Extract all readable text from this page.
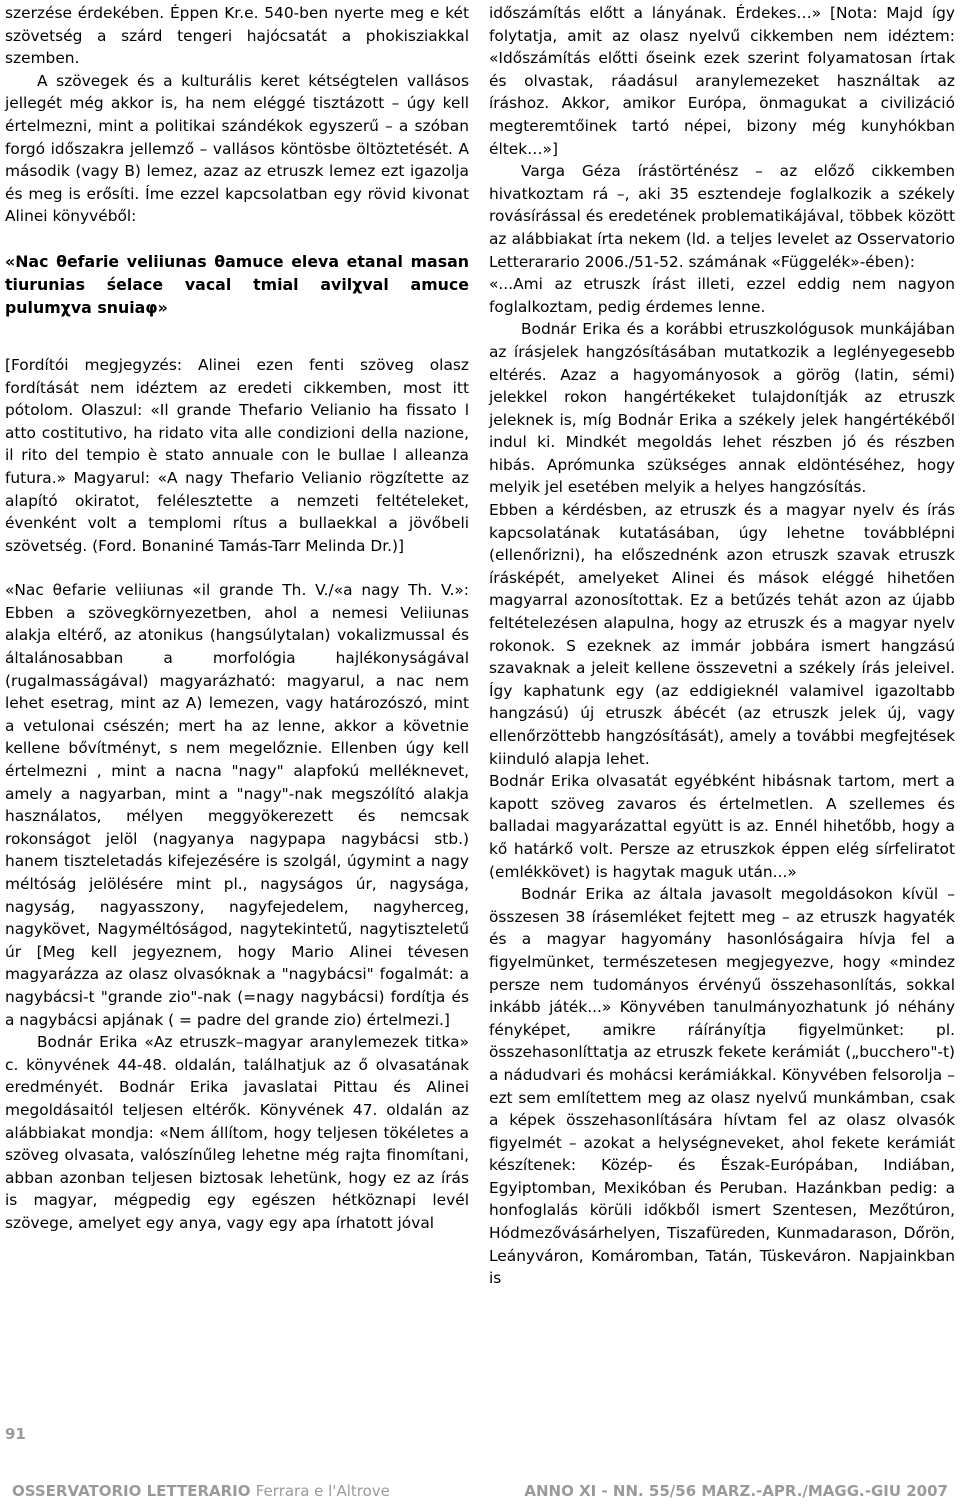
szerzése érdekében. Éppen Kr.e. 540-ben nyerte meg e két szövetség a szárd tengeri hajócsatát a phokisziakkal szemben.

A szövegek és a kulturális keret kétségtelen vallásos jellegét még akkor is, ha nem eléggé tisztázott – úgy kell értelmezni, mint a politikai szándékok egyszerű – a szóban forgó időszakra jellemző – vallásos köntösbe öltöztetését. A második (vagy B) lemez, azaz az etruszk lemez ezt igazolja és meg is erősíti. Íme ezzel kapcsolatban egy rövid kivonat Alinei könyvéből:

«Nac θefarie veliiunas θamuce eleva etanal masan tiurunias śelace vacal tmial avilχval amuce pulumχva snuiaφ»

[Fordítói megjegyzés: Alinei ezen fenti szöveg olasz fordítását nem idéztem az eredeti cikkemben, most itt pótolom. Olaszul: «Il grande Thefario Velianio ha fissato l atto costitutivo, ha ridato vita alle condizioni della nazione, il rito del tempio è stato annuale con le bullae l alleanza futura.» Magyarul: «A nagy Thefario Velianio rögzítette az alapító okiratot, felélesztette a nemzeti feltételeket, évenként volt a templomi rítus a bullaekkal a jövőbeli szövetség. (Ford. Bonaniné Tamás-Tarr Melinda Dr.)]

«Nac θefarie veliiunas «il grande Th. V./«a nagy Th. V.»: Ebben a szövegkörnyezetben, ahol a nemesi Veliiunas alakja eltérő, az atonikus (hangsúlytalan) vokalizmussal és általánosabban a morfológia hajlékonyságával (rugalmasságával) magyarázható: magyarul, a nac nem lehet esetrag, mint az A) lemezen, vagy határozószó, mint a vetulonai csészén; mert ha az lenne, akkor a követnie kellene bővítményt, s nem megelőznie. Ellenben úgy kell értelmezni , mint a nacna "nagy" alapfokú melléknevet, amely a nagyarban, mint a "nagy"-nak megszólító alakja használatos, mélyen meggyökerezett és nemcsak rokonságot jelöl (nagyanya nagypapa nagybácsi stb.) hanem tiszteletadás kifejezésére is szolgál, úgymint a nagy méltóság jelölésére mint pl., nagyságos úr, nagysága, nagyság, nagyasszony, nagyfejedelem, nagyherceg, nagykövet, Nagyméltóságod, nagytekintetű, nagytiszteletű úr [Meg kell jegyeznem, hogy Mario Alinei tévesen magyarázza az olasz olvasóknak a "nagybácsi" fogalmát: a nagybácsi-t "grande zio"-nak (=nagy nagybácsi) fordítja és a nagybácsi apjának ( = padre del grande zio) értelmezi.]

Bodnár Erika «Az etruszk–magyar aranylemezek titka» c. könyvének 44-48. oldalán, találhatjuk az ő olvasatának eredményét. Bodnár Erika javaslatai Pittau és Alinei megoldásaitól teljesen eltérők. Könyvének 47. oldalán az alábbiakat mondja: «Nem állítom, hogy teljesen tökéletes a szöveg olvasata, valószínűleg lehetne még rajta finomítani, abban azonban teljesen biztosak lehetünk, hogy ez az írás is magyar, mégpedig egy egészen hétköznapi levél szövege, amelyet egy anya, vagy egy apa írhatott jóval

időszámítás előtt a lányának. Érdekes…» [Nota: Majd így folytatja, amit az olasz nyelvű cikkemben nem idéztem: «Időszámítás előtti őseink ezek szerint folyamatosan írtak és olvastak, ráadásul aranylemezeket használtak az íráshoz. Akkor, amikor Európa, önmagukat a civilizáció megteremtőinek tartó népei, bizony még kunyhókban éltek…»]

Varga Géza írástörténész – az előző cikkemben hivatkoztam rá –, aki 35 esztendeje foglalkozik a székely rovásírással és eredetének problematikájával, többek között az alábbiakat írta nekem (ld. a teljes levelet az Osservatorio Letterarario 2006./51-52. számának «Függelék»-ében):

«...Ami az etruszk írást illeti, ezzel eddig nem nagyon foglalkoztam, pedig érdemes lenne.

Bodnár Erika és a korábbi etruszkológusok munkájában az írásjelek hangzósításában mutatkozik a leglényegesebb eltérés. Azaz a hagyományosok a görög (latin, sémi) jelekkel rokon hangértékeket tulajdonítják az etruszk jeleknek is, míg Bodnár Erika a székely jelek hangértékéből indul ki. Mindkét megoldás lehet részben jó és részben hibás. Aprómunka szükséges annak eldöntéséhez, hogy melyik jel esetében melyik a helyes hangzósítás.

Ebben a kérdésben, az etruszk és a magyar nyelv és írás kapcsolatának kutatásában, úgy lehetne továbblépni (ellenőrizni), ha előszednénk azon etruszk szavak etruszk írásképét, amelyeket Alinei és mások eléggé hihetően magyarral azonosítottak. Ez a betűzés tehát azon az újabb feltételezésen alapulna, hogy az etruszk és a magyar nyelv rokonok. S ezeknek az immár jobbára ismert hangzású szavaknak a jeleit kellene összevetni a székely írás jeleivel. Így kaphatunk egy (az eddigieknél valamivel igazoltabb hangzású) új etruszk ábécét (az etruszk jelek új, vagy ellenőrzöttebb hangzósítását), amely a további megfejtések kiinduló alapja lehet.

Bodnár Erika olvasatát egyébként hibásnak tartom, mert a kapott szöveg zavaros és értelmetlen. A szellemes és balladai magyarázattal együtt is az. Ennél hihetőbb, hogy a kő határkő volt. Persze az etruszkok éppen elég sírfeliratot (emlékkövet) is hagytak maguk után...»

Bodnár Erika az általa javasolt megoldásokon kívül – összesen 38 írásemléket fejtett meg – az etruszk hagyaték és a magyar hagyomány hasonlóságaira hívja fel a figyelmünket, természetesen megjegyezve, hogy «mindez persze nem tudományos érvényű összehasonlítás, sokkal inkább játék...» Könyvében tanulmányozhatunk jó néhány fényképet, amikre ráírányítja figyelmünket: pl. összehasonlíttatja az etruszk fekete kerámiát („bucchero"-t) a nádudvari és mohácsi kerámiákkal. Könyvében felsorolja – ezt sem említettem meg az olasz nyelvű munkámban, csak a képek összehasonlítására hívtam fel az olasz olvasók figyelmét – azokat a helységneveket, ahol fekete kerámiát készítenek: Közép- és Észak-Európában, Indiában, Egyiptomban, Mexikóban és Peruban. Hazánkban pedig: a honfoglalás körüli időkből ismert Szentesen, Mezőtúron, Hódmezővásárhelyen, Tiszafüreden, Kunmadarason, Dőrön, Leányváron, Komáromban, Tatán, Tüskeváron. Napjainkban is

91
OSSERVATORIO LETTERARIO Ferrara e l'Altrove	ANNO XI - NN. 55/56 MARZ.-APR./MAGG.-GIU 2007
